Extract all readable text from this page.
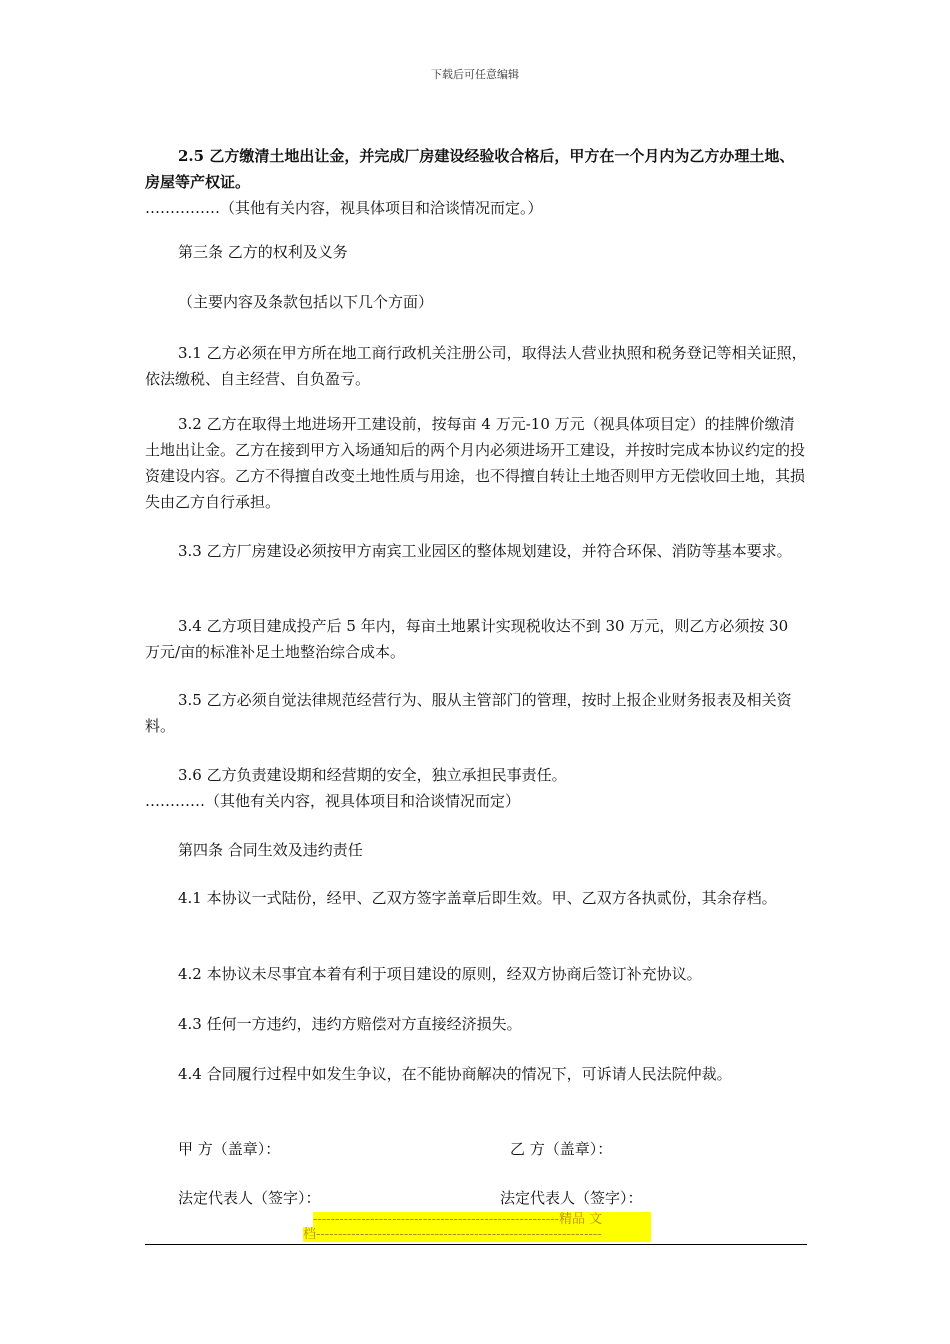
下载后可任意编辑

2.5 乙方缴清土地出让金，并完成厂房建设经验收合格后，甲方在一个月内为乙方办理土地、房屋等产权证。

……………（其他有关内容，视具体项目和洽谈情况而定。）

第三条 乙方的权利及义务

（主要内容及条款包括以下几个方面）

3.1 乙方必须在甲方所在地工商行政机关注册公司，取得法人营业执照和税务登记等相关证照，依法缴税、自主经营、自负盈亏。

3.2 乙方在取得土地进场开工建设前，按每亩 4 万元-10 万元（视具体项目定）的挂牌价缴清土地出让金。乙方在接到甲方入场通知后的两个月内必须进场开工建设，并按时完成本协议约定的投资建设内容。乙方不得擅自改变土地性质与用途，也不得擅自转让土地否则甲方无偿收回土地，其损失由乙方自行承担。

3.3 乙方厂房建设必须按甲方南宾工业园区的整体规划建设，并符合环保、消防等基本要求。

3.4 乙方项目建成投产后 5 年内，每亩土地累计实现税收达不到 30 万元，则乙方必须按 30 万元/亩的标准补足土地整治综合成本。

3.5 乙方必须自觉法律规范经营行为、服从主管部门的管理，按时上报企业财务报表及相关资料。

3.6 乙方负责建设期和经营期的安全，独立承担民事责任。

…………（其他有关内容，视具体项目和洽谈情况而定）

第四条 合同生效及违约责任

4.1 本协议一式陆份，经甲、乙双方签字盖章后即生效。甲、乙双方各执贰份，其余存档。

4.2 本协议未尽事宜本着有利于项目建设的原则，经双方协商后签订补充协议。

4.3 任何一方违约，违约方赔偿对方直接经济损失。

4.4 合同履行过程中如发生争议，在不能协商解决的情况下，可诉请人民法院仲裁。

甲 方（盖章）：	乙 方（盖章）：
法定代表人（签字）：	法定代表人（签字）：
--------------------------------------------------------精品 文
档-----------------------------------------------------------------
